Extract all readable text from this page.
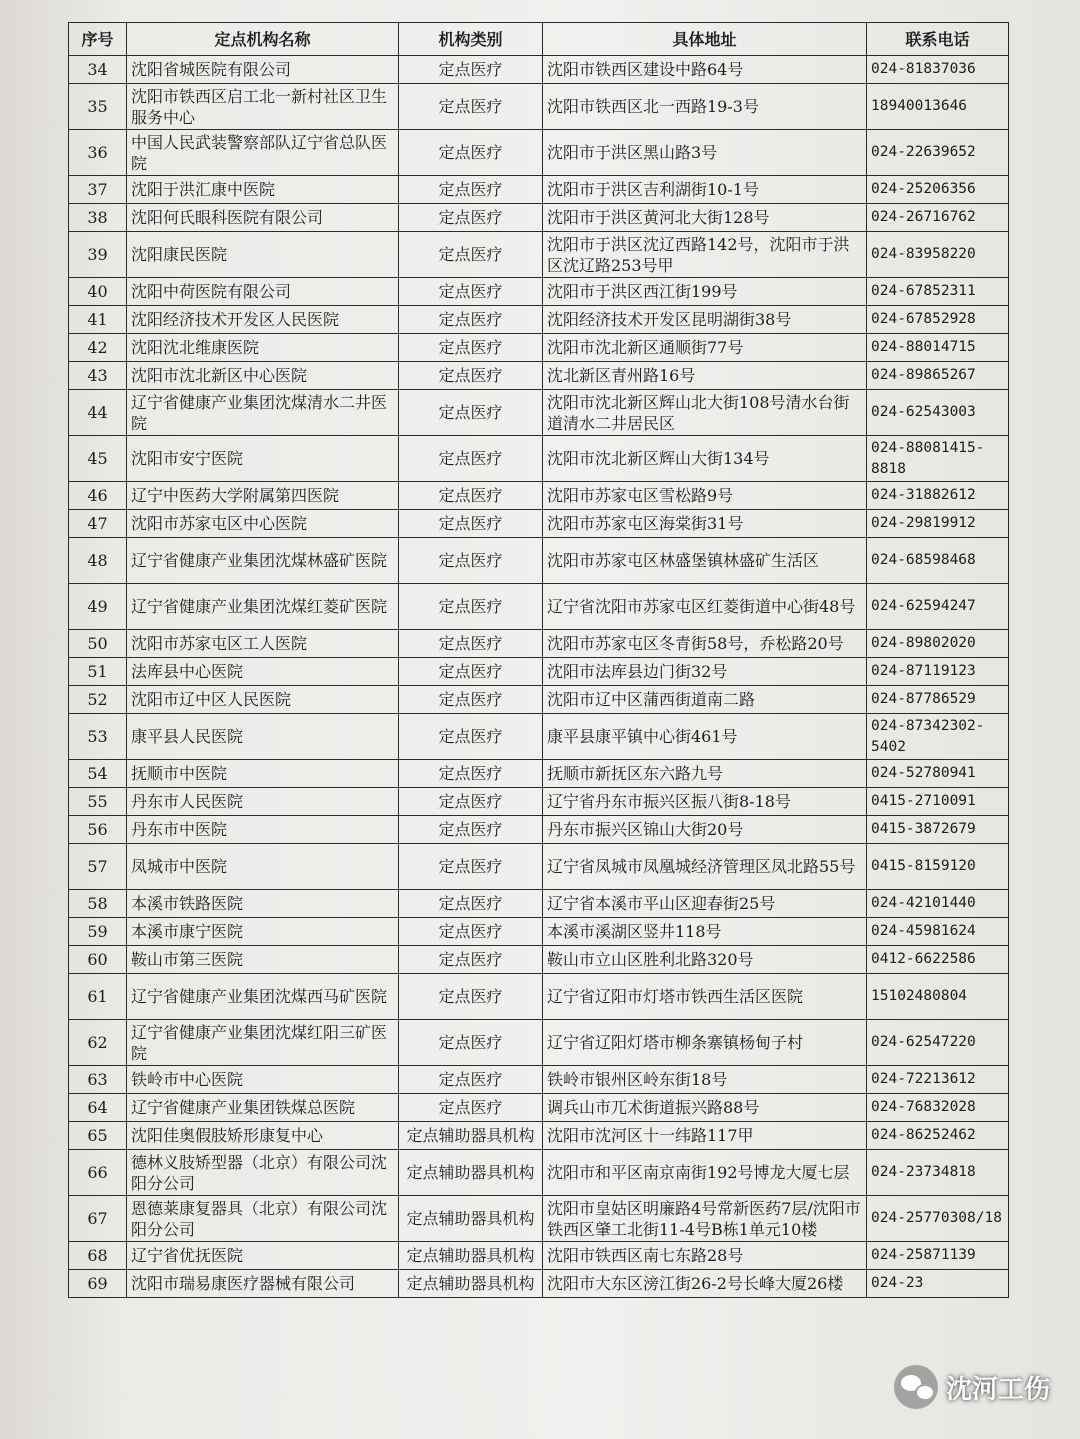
序号	定点机构名称	机构类别	具体地址	联系电话
34	沈阳省城医院有限公司	定点医疗	沈阳市铁西区建设中路64号	024-81837036
35	沈阳市铁西区启工北一新村社区卫生服务中心	定点医疗	沈阳市铁西区北一西路19-3号	18940013646
36	中国人民武装警察部队辽宁省总队医院	定点医疗	沈阳市于洪区黑山路3号	024-22639652
37	沈阳于洪汇康中医院	定点医疗	沈阳市于洪区吉利湖街10-1号	024-25206356
38	沈阳何氏眼科医院有限公司	定点医疗	沈阳市于洪区黄河北大街128号	024-26716762
39	沈阳康民医院	定点医疗	沈阳市于洪区沈辽西路142号，沈阳市于洪区沈辽路253号甲	024-83958220
40	沈阳中荷医院有限公司	定点医疗	沈阳市于洪区西江街199号	024-67852311
41	沈阳经济技术开发区人民医院	定点医疗	沈阳经济技术开发区昆明湖街38号	024-67852928
42	沈阳沈北维康医院	定点医疗	沈阳市沈北新区通顺街77号	024-88014715
43	沈阳市沈北新区中心医院	定点医疗	沈北新区青州路16号	024-89865267
44	辽宁省健康产业集团沈煤清水二井医院	定点医疗	沈阳市沈北新区辉山北大街108号清水台街道清水二井居民区	024-62543003
45	沈阳市安宁医院	定点医疗	沈阳市沈北新区辉山大街134号	024-88081415-8818
46	辽宁中医药大学附属第四医院	定点医疗	沈阳市苏家屯区雪松路9号	024-31882612
47	沈阳市苏家屯区中心医院	定点医疗	沈阳市苏家屯区海棠街31号	024-29819912
48	辽宁省健康产业集团沈煤林盛矿医院	定点医疗	沈阳市苏家屯区林盛堡镇林盛矿生活区	024-68598468
49	辽宁省健康产业集团沈煤红菱矿医院	定点医疗	辽宁省沈阳市苏家屯区红菱街道中心街48号	024-62594247
50	沈阳市苏家屯区工人医院	定点医疗	沈阳市苏家屯区冬青街58号，乔松路20号	024-89802020
51	法库县中心医院	定点医疗	沈阳市法库县边门街32号	024-87119123
52	沈阳市辽中区人民医院	定点医疗	沈阳市辽中区蒲西街道南二路	024-87786529
53	康平县人民医院	定点医疗	康平县康平镇中心街461号	024-87342302-5402
54	抚顺市中医院	定点医疗	抚顺市新抚区东六路九号	024-52780941
55	丹东市人民医院	定点医疗	辽宁省丹东市振兴区振八街8-18号	0415-2710091
56	丹东市中医院	定点医疗	丹东市振兴区锦山大街20号	0415-3872679
57	凤城市中医院	定点医疗	辽宁省凤城市凤凰城经济管理区凤北路55号	0415-8159120
58	本溪市铁路医院	定点医疗	辽宁省本溪市平山区迎春街25号	024-42101440
59	本溪市康宁医院	定点医疗	本溪市溪湖区竖井118号	024-45981624
60	鞍山市第三医院	定点医疗	鞍山市立山区胜利北路320号	0412-6622586
61	辽宁省健康产业集团沈煤西马矿医院	定点医疗	辽宁省辽阳市灯塔市铁西生活区医院	15102480804
62	辽宁省健康产业集团沈煤红阳三矿医院	定点医疗	辽宁省辽阳灯塔市柳条寨镇杨甸子村	024-62547220
63	铁岭市中心医院	定点医疗	铁岭市银州区岭东街18号	024-72213612
64	辽宁省健康产业集团铁煤总医院	定点医疗	调兵山市兀术街道振兴路88号	024-76832028
65	沈阳佳奥假肢矫形康复中心	定点辅助器具机构	沈阳市沈河区十一纬路117甲	024-86252462
66	德林义肢矫型器（北京）有限公司沈阳分公司	定点辅助器具机构	沈阳市和平区南京南街192号博龙大厦七层	024-23734818
67	恩德莱康复器具（北京）有限公司沈阳分公司	定点辅助器具机构	沈阳市皇姑区明廉路4号常新医药7层/沈阳市铁西区肇工北街11-4号B栋1单元10楼	024-25770308/18
68	辽宁省优抚医院	定点辅助器具机构	沈阳市铁西区南七东路28号	024-25871139
69	沈阳市瑞易康医疗器械有限公司	定点辅助器具机构	沈阳市大东区滂江街26-2号长峰大厦26楼	024-23
沈河工伤
